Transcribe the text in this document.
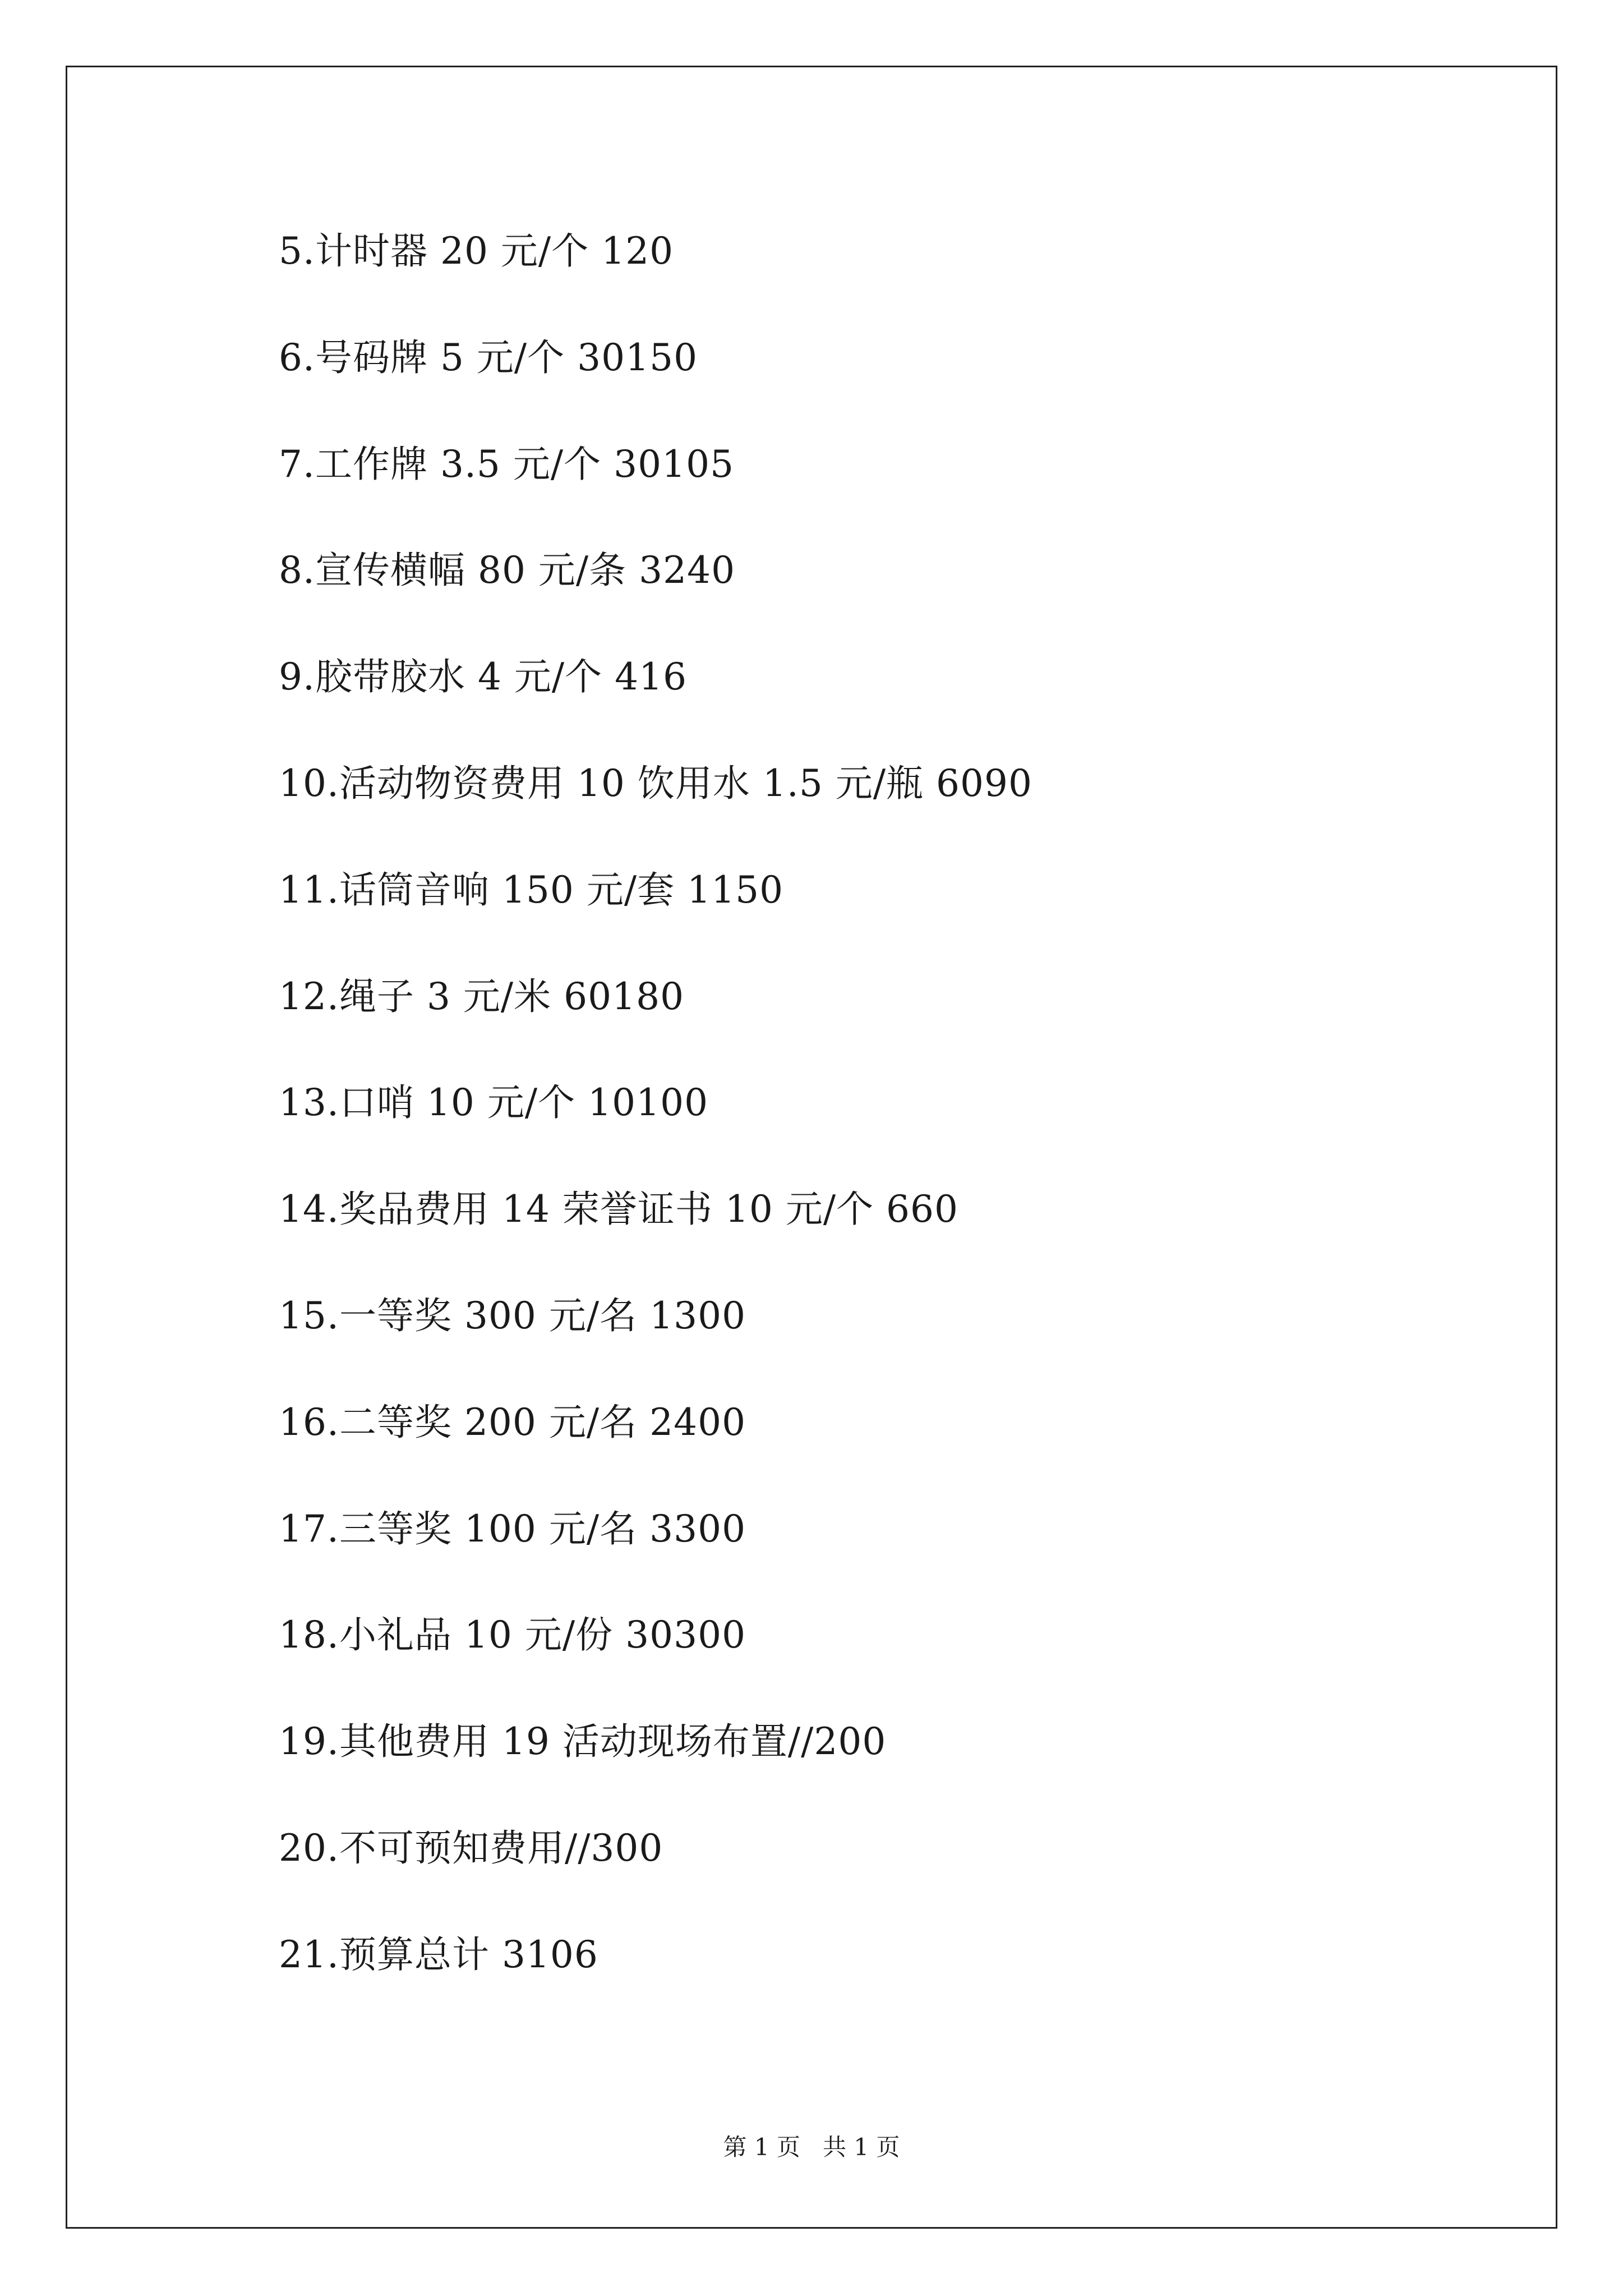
5.计时器 20 元/个 120
6.号码牌 5 元/个 30150
7.工作牌 3.5 元/个 30105
8.宣传横幅 80 元/条 3240
9.胶带胶水 4 元/个 416
10.活动物资费用 10 饮用水 1.5 元/瓶 6090
11.话筒音响 150 元/套 1150
12.绳子 3 元/米 60180
13.口哨 10 元/个 10100
14.奖品费用 14 荣誉证书 10 元/个 660
15.一等奖 300 元/名 1300
16.二等奖 200 元/名 2400
17.三等奖 100 元/名 3300
18.小礼品 10 元/份 30300
19.其他费用 19 活动现场布置//200
20.不可预知费用//300
21.预算总计 3106
第 1 页   共 1 页
